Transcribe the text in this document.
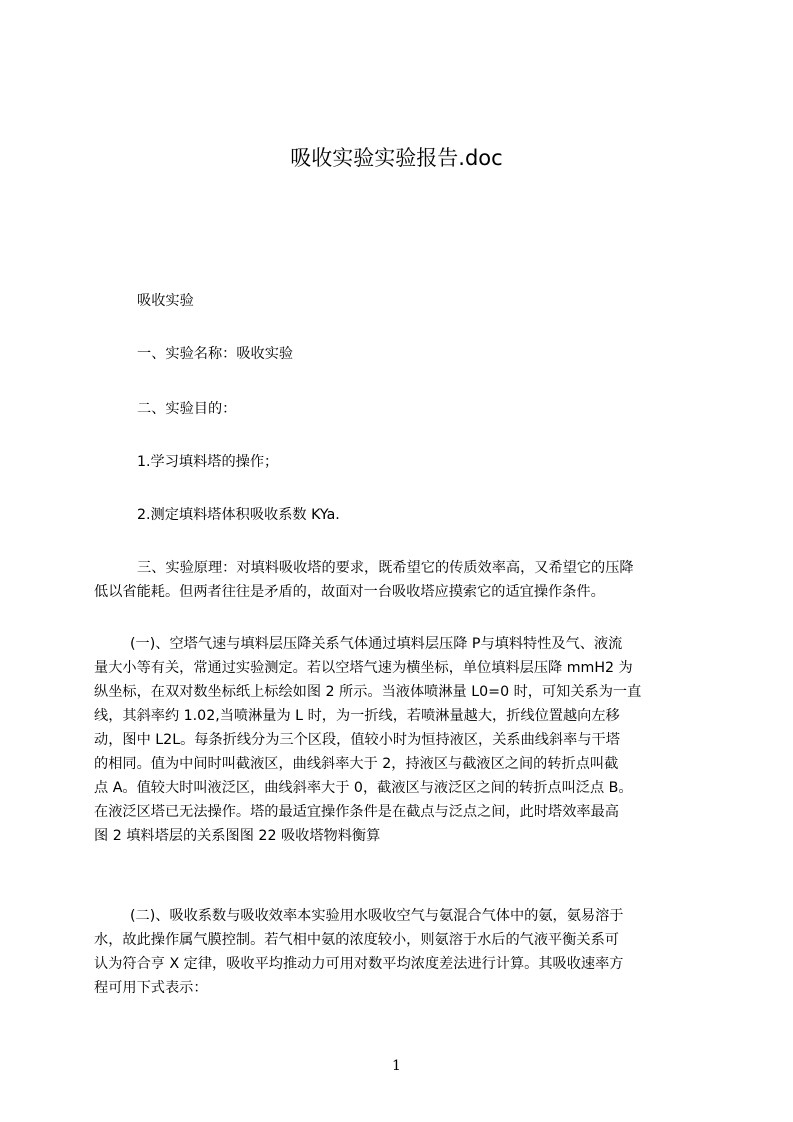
吸收实验实验报告.doc
吸收实验
一、实验名称：吸收实验
二、实验目的：
1.学习填料塔的操作；
2.测定填料塔体积吸收系数 KYa.
三、实验原理：对填料吸收塔的要求，既希望它的传质效率高，又希望它的压降
低以省能耗。但两者往往是矛盾的，故面对一台吸收塔应摸索它的适宜操作条件。
(一)、空塔气速与填料层压降关系气体通过填料层压降 P与填料特性及气、液流
量大小等有关，常通过实验测定。若以空塔气速为横坐标，单位填料层压降 mmH2 为
纵坐标，在双对数坐标纸上标绘如图 2 所示。当液体喷淋量 L0=0 时，可知关系为一直
线，其斜率约 1.02,当喷淋量为 L 时，为一折线，若喷淋量越大，折线位置越向左移
动，图中 L2L。每条折线分为三个区段，值较小时为恒持液区，关系曲线斜率与干塔
的相同。值为中间时叫截液区，曲线斜率大于 2，持液区与截液区之间的转折点叫截
点 A。值较大时叫液泛区，曲线斜率大于 0，截液区与液泛区之间的转折点叫泛点 B。
在液泛区塔已无法操作。塔的最适宜操作条件是在截点与泛点之间，此时塔效率最高
图 2 填料塔层的关系图图 22 吸收塔物料衡算
(二)、吸收系数与吸收效率本实验用水吸收空气与氨混合气体中的氨，氨易溶于
水，故此操作属气膜控制。若气相中氨的浓度较小，则氨溶于水后的气液平衡关系可
认为符合亨 X 定律，吸收平均推动力可用对数平均浓度差法进行计算。其吸收速率方
程可用下式表示：
1
